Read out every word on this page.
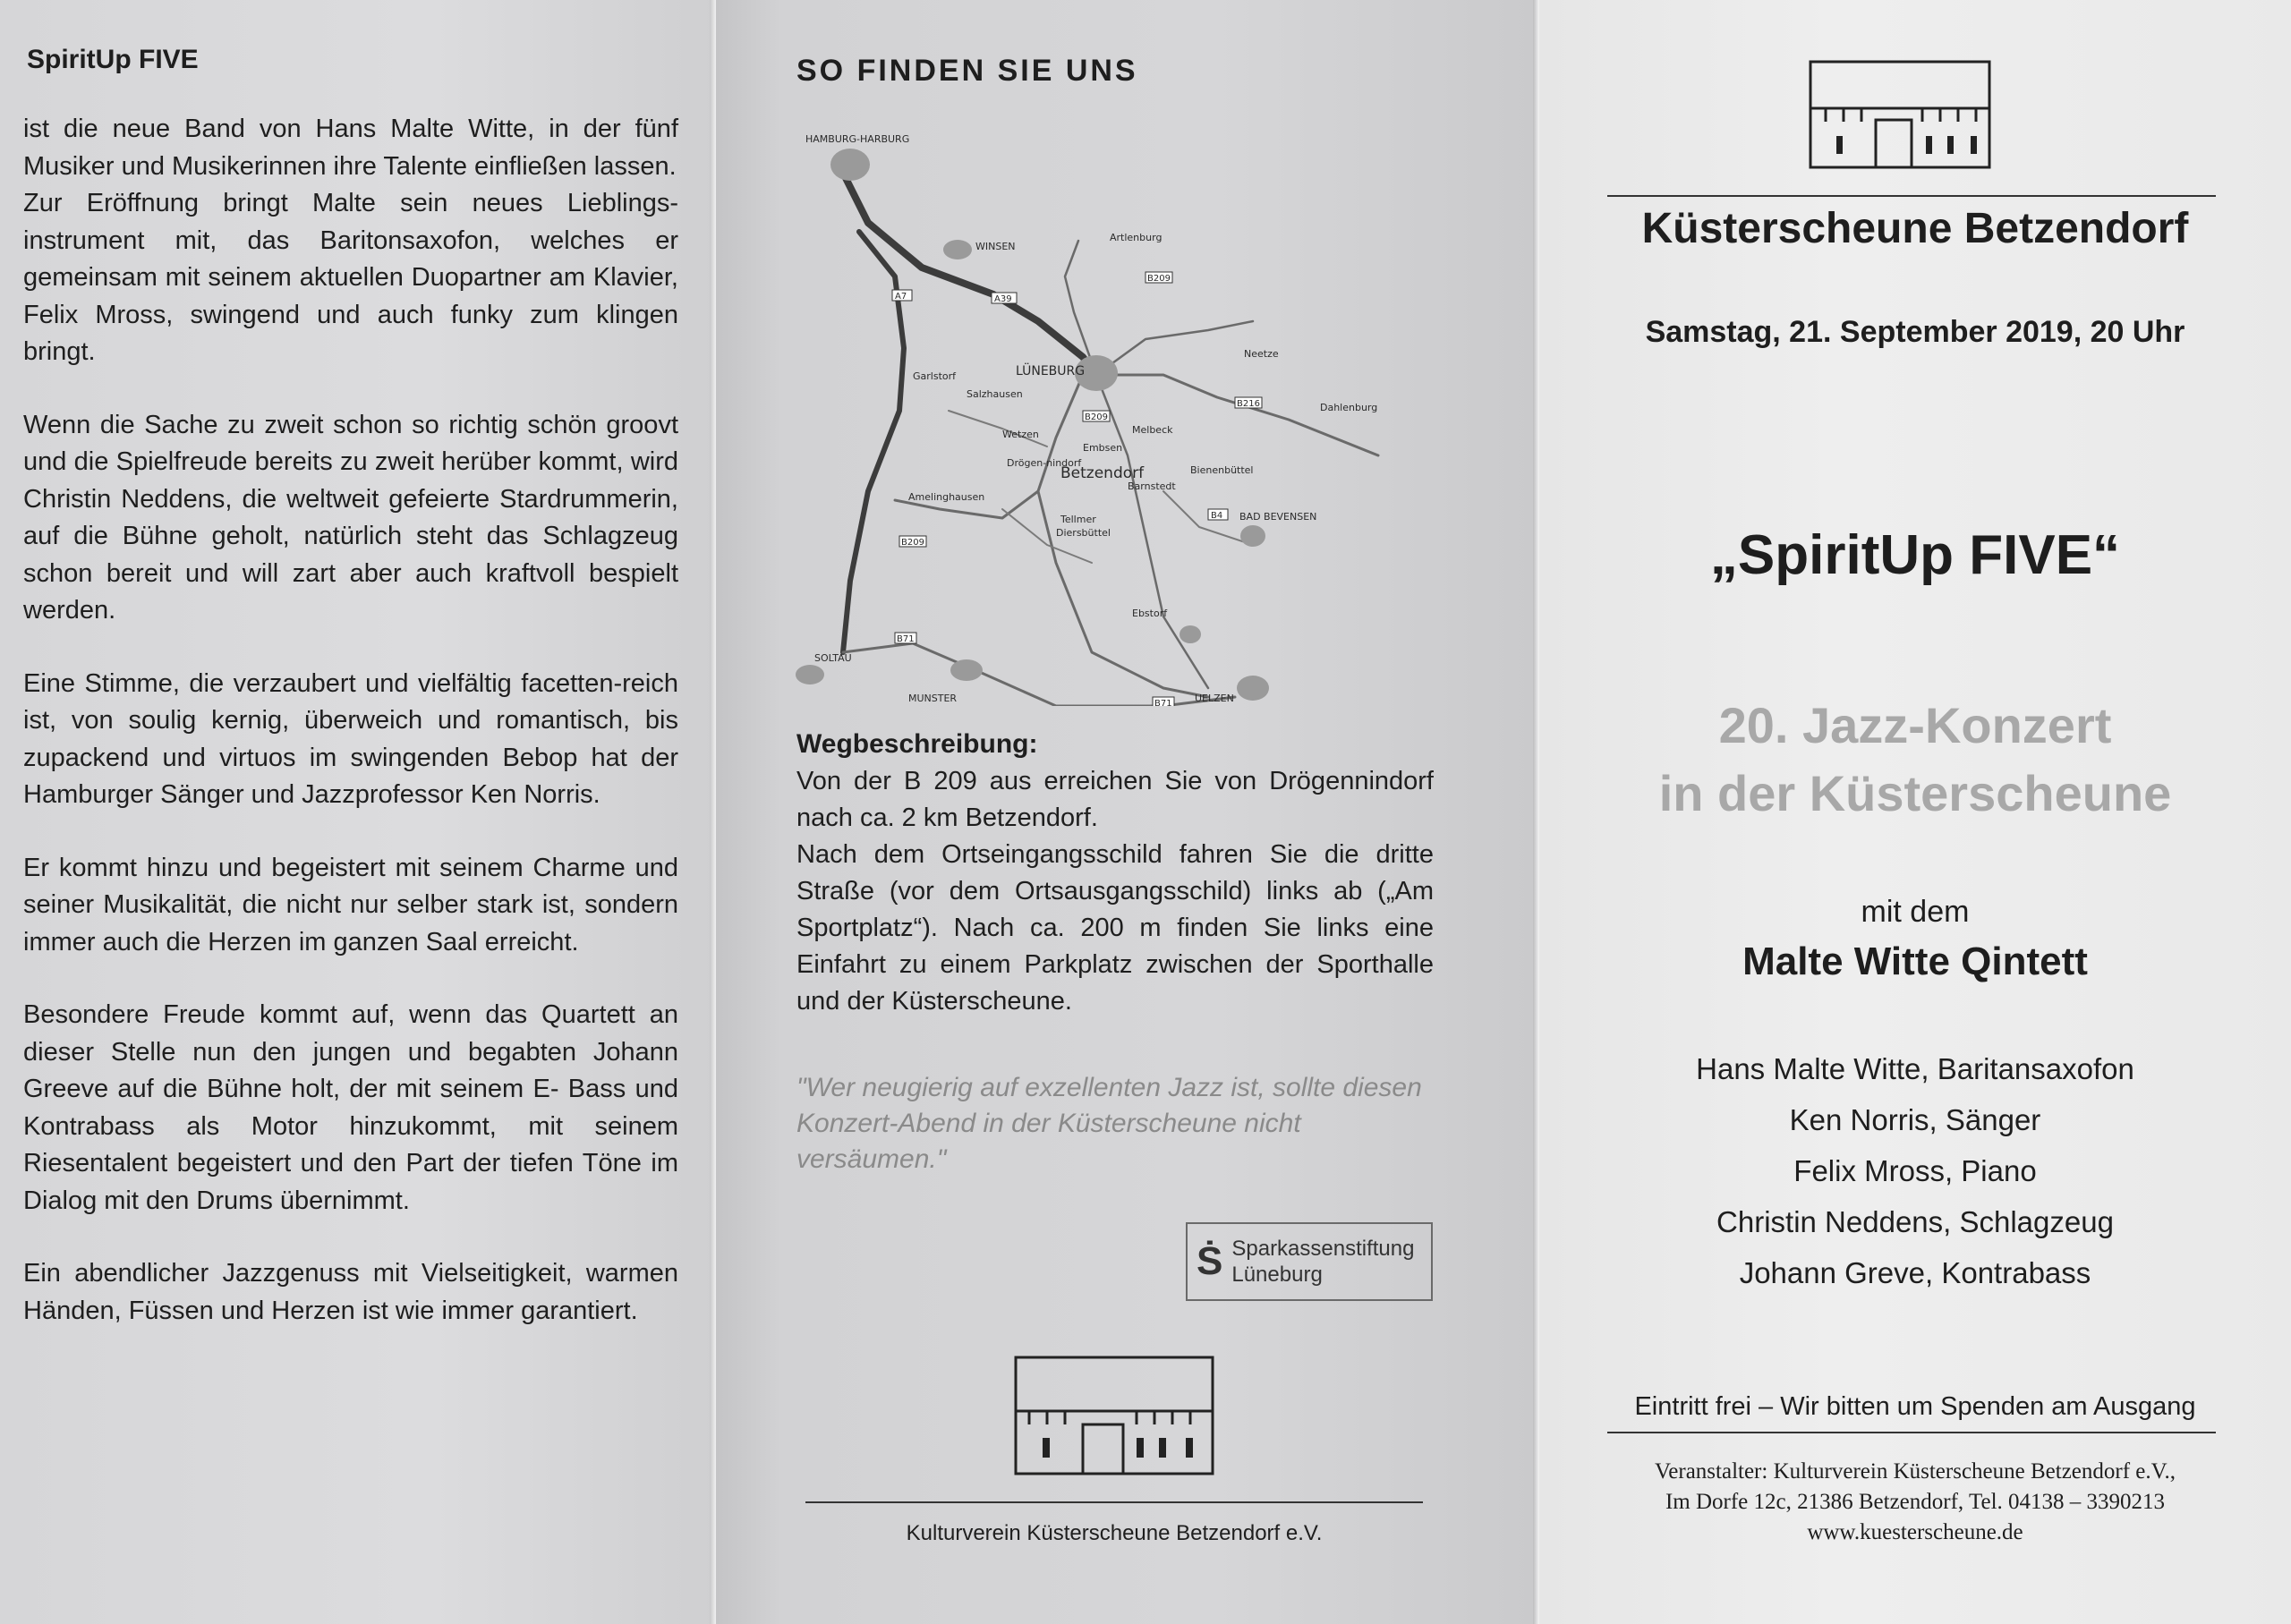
SpiritUp FIVE

ist die neue Band von Hans Malte Witte, in der fünf Musiker und Musikerinnen ihre Talente einfließen lassen.
Zur Eröffnung bringt Malte sein neues Lieblings-instrument mit, das Baritonsaxofon, welches er gemeinsam mit seinem aktuellen Duopartner am Klavier, Felix Mross, swingend und auch funky zum klingen bringt.

Wenn die Sache zu zweit schon so richtig schön groovt und die Spielfreude bereits zu zweit herüber kommt, wird Christin Neddens, die weltweit gefeierte Stardrummerin, auf die Bühne geholt, natürlich steht das Schlagzeug schon bereit und will zart aber auch kraftvoll bespielt werden.

Eine Stimme, die verzaubert und vielfältig facetten-reich ist, von soulig kernig, überweich und romantisch, bis zupackend und virtuos im swingenden Bebop hat der Hamburger Sänger und Jazzprofessor Ken Norris.

Er kommt hinzu und begeistert mit seinem Charme und seiner Musikalität, die nicht nur selber stark ist, sondern immer auch die Herzen im ganzen Saal erreicht.

Besondere Freude kommt auf, wenn das Quartett an dieser Stelle nun den jungen und begabten Johann Greeve auf die Bühne holt, der mit seinem E- Bass und Kontrabass als Motor hinzukommt, mit seinem Riesentalent begeistert und den Part der tiefen Töne im Dialog mit den Drums übernimmt.

Ein abendlicher Jazzgenuss mit Vielseitigkeit, warmen Händen, Füssen und Herzen ist wie immer garantiert.

SO FINDEN SIE UNS
HAMBURG-HARBURG
WINSEN
Artlenburg
LÜNEBURG
Neetze
Dahlenburg
Garlstorf
Salzhausen
Wetzen
Embsen
Melbeck
Drögen-nindorf
Betzendorf
Barnstedt
Bienenbüttel
Amelinghausen
Tellmer
Diersbüttel
BAD BEVENSEN
Ebstorf
SOLTAU
MUNSTER	UELZEN
A7	A39
B209
B216
B209
B4
B209
B71
B71
Wegbeschreibung:

Von der B 209 aus erreichen Sie von Drögennindorf nach ca. 2 km Betzendorf.
Nach dem Ortseingangsschild fahren Sie die dritte Straße (vor dem Ortsausgangsschild) links ab („Am Sportplatz“). Nach ca. 200 m finden Sie links eine Einfahrt zu einem Parkplatz zwischen der Sporthalle und der Küsterscheune.

"Wer neugierig auf exzellenten Jazz ist, sollte diesen Konzert-Abend in der Küsterscheune nicht versäumen."

Ṡ Sparkassenstiftung
Lüneburg
Kulturverein Küsterscheune Betzendorf e.V.
Küsterscheune Betzendorf
Samstag, 21. September 2019, 20 Uhr
„SpiritUp FIVE“
20. Jazz-Konzert
in der Küsterscheune
mit dem
Malte Witte Qintett
Hans Malte Witte, Baritansaxofon
Ken Norris, Sänger
Felix Mross, Piano
Christin Neddens, Schlagzeug
Johann Greve, Kontrabass
Eintritt frei – Wir bitten um Spenden am Ausgang
Veranstalter: Kulturverein Küsterscheune Betzendorf e.V.,
Im Dorfe 12c, 21386 Betzendorf, Tel. 04138 – 3390213
www.kuesterscheune.de
